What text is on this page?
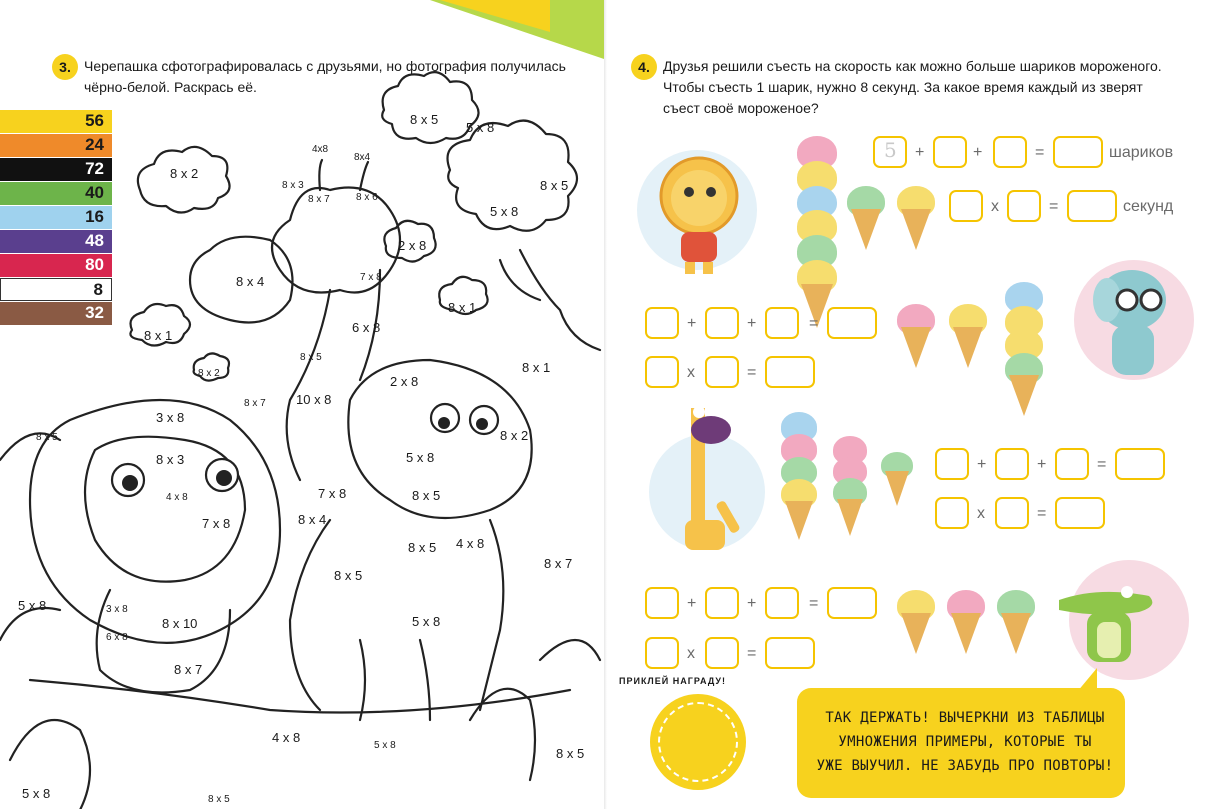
3. Черепашка сфотографировалась с друзьями, но фотография получилась
чёрно-белой. Раскрась её.
56
24
72
40
16
48
80
8
32
8 x 2
8 x 5
5 x 8
8 x 5
5 x 8
2 x 8
8 x 1
8 x 1
8 x 2
8 x 4
4x8
8x4
8 x 3
8 x 7	8 x 6
7 x 8
6 x 8
8 x 5
10 x 8
2 x 8
8 x 2
8 x 1
3 x 8
8 x 7
8 x 3
4 x 8
7 x 8
8 x 5
5 x 8
8 x 5
7 x 8
8 x 4
4 x 8
8 x 5
8 x 7
8 x 5
5 x 8	3 x 8
6 x 8
8 x 10	5 x 8
8 x 7
4 x 8
5 x 8
8 x 5
8 x 5
5 x 8
4. Друзья решили съесть на скорость как можно больше шариков мороженого.
Чтобы съесть 1 шарик, нужно 8 секунд. За какое время каждый из зверят
съест своё мороженое?
5 +	+	=	шариков
x	=	секунд
+	+	=
x	=
+	+	=
x	=
+	+	=
x	=
ПРИКЛЕЙ НАГРАДУ!
ТАК ДЕРЖАТЬ! ВЫЧЕРКНИ ИЗ ТАБЛИЦЫ
УМНОЖЕНИЯ ПРИМЕРЫ, КОТОРЫЕ ТЫ
УЖЕ ВЫУЧИЛ. НЕ ЗАБУДЬ ПРО ПОВТОРЫ!
